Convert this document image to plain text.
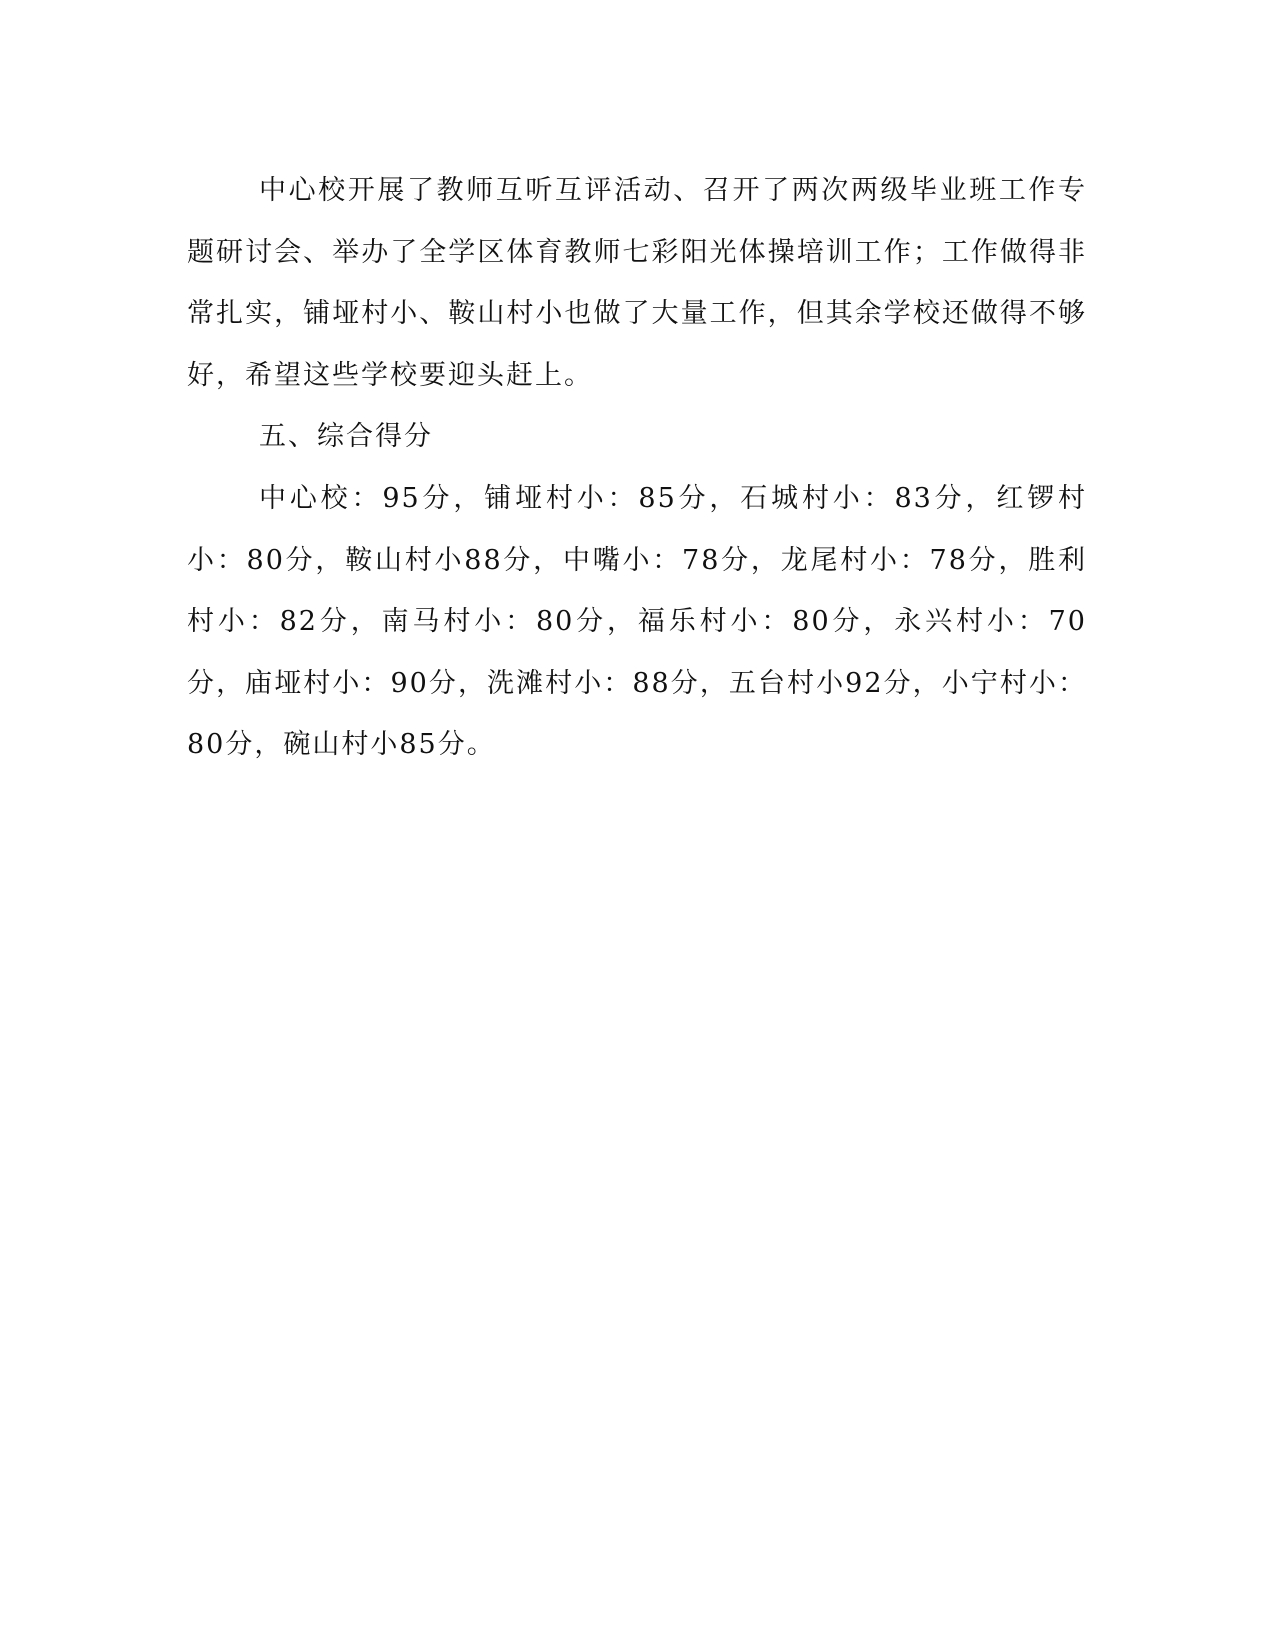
中心校开展了教师互听互评活动、召开了两次两级毕业班工作专题研讨会、举办了全学区体育教师七彩阳光体操培训工作；工作做得非常扎实，铺垭村小、鞍山村小也做了大量工作，但其余学校还做得不够好，希望这些学校要迎头赶上。

五、综合得分

中心校：95分，铺垭村小：85分，石城村小：83分，红锣村小：80分，鞍山村小88分，中嘴小：78分，龙尾村小：78分，胜利村小：82分，南马村小：80分，福乐村小：80分，永兴村小：70分，庙垭村小：90分，洗滩村小：88分，五台村小92分，小宁村小：80分，碗山村小85分。
